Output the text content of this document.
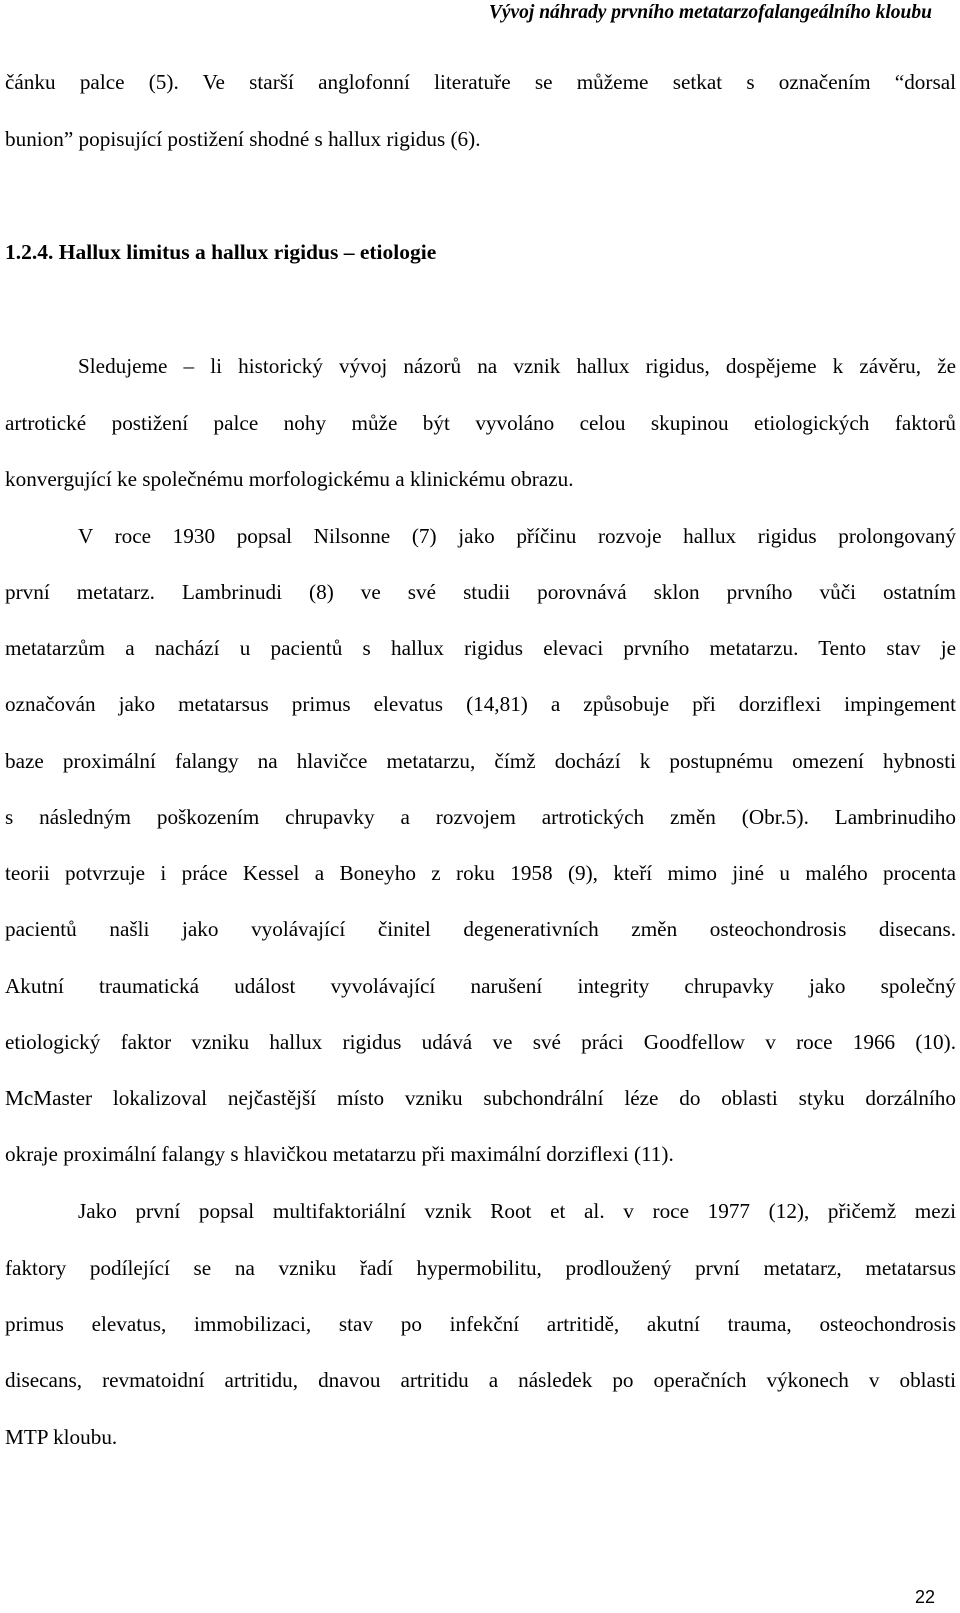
Vývoj náhrady prvního metatarzofalangeálního kloubu
čánku palce (5). Ve starší anglofonní literatuře se můžeme setkat s označením “dorsal
bunion” popisující postižení shodné s hallux rigidus (6).
1.2.4. Hallux limitus a hallux rigidus – etiologie
Sledujeme – li historický vývoj názorů na vznik hallux rigidus, dospějeme k závěru, že
artrotické postižení palce nohy může být vyvoláno celou skupinou etiologických faktorů
konvergující ke společnému morfologickému a klinickému obrazu.
V roce 1930 popsal Nilsonne (7) jako příčinu rozvoje hallux rigidus prolongovaný
první metatarz. Lambrinudi (8) ve své studii porovnává sklon prvního vůči ostatním
metatarzům a nachází u pacientů s hallux rigidus elevaci prvního metatarzu. Tento stav je
označován jako metatarsus primus elevatus (14,81) a způsobuje při dorziflexi impingement
baze proximální falangy na hlavičce metatarzu, čímž dochází k postupnému omezení hybnosti
s následným poškozením chrupavky a rozvojem artrotických změn (Obr.5). Lambrinudiho
teorii potvrzuje i práce Kessel a Boneyho z roku 1958 (9), kteří mimo jiné u malého procenta
pacientů našli jako vyolávající činitel degenerativních změn osteochondrosis disecans.
Akutní traumatická událost vyvolávající narušení integrity chrupavky jako společný
etiologický faktor vzniku hallux rigidus udává ve své práci Goodfellow v roce 1966 (10).
McMaster lokalizoval nejčastější místo vzniku subchondrální léze do oblasti styku dorzálního
okraje proximální falangy s hlavičkou metatarzu při maximální dorziflexi (11).
Jako první popsal multifaktoriální vznik Root et al. v roce 1977 (12), přičemž mezi
faktory podílející se na vzniku řadí hypermobilitu, prodloužený první metatarz, metatarsus
primus elevatus, immobilizaci, stav po infekční artritidě, akutní trauma, osteochondrosis
disecans, revmatoidní artritidu, dnavou artritidu a následek po operačních výkonech v oblasti
MTP kloubu.
22
